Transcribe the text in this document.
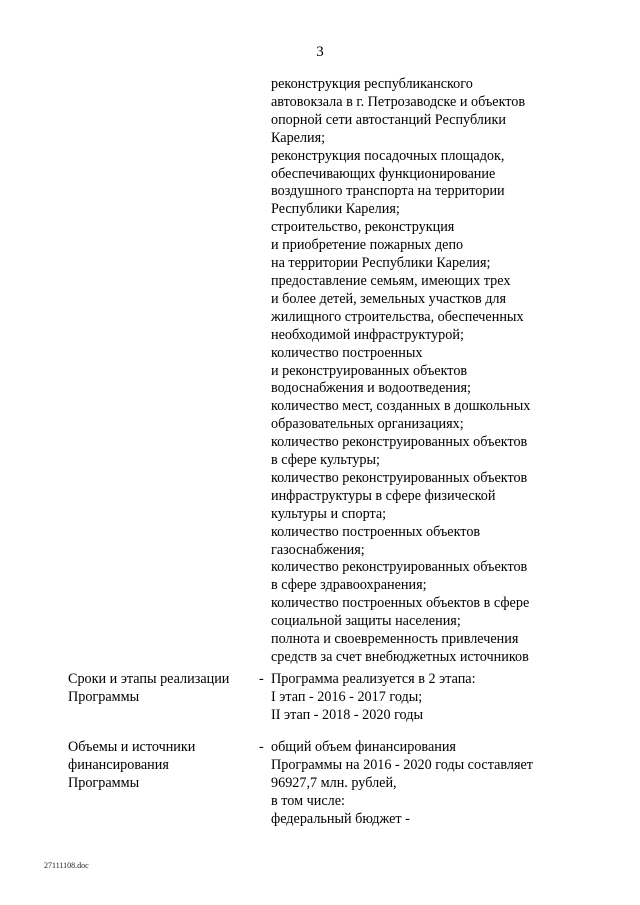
3
реконструкция республиканского
автовокзала в г. Петрозаводске и объектов
опорной сети автостанций Республики
Карелия;
реконструкция посадочных площадок,
обеспечивающих функционирование
воздушного транспорта на территории
Республики Карелия;
строительство, реконструкция
и приобретение пожарных депо
на территории Республики Карелия;
предоставление семьям, имеющих трех
и более детей, земельных участков для
жилищного строительства, обеспеченных
необходимой инфраструктурой;
количество построенных
и реконструированных объектов
водоснабжения и водоотведения;
количество мест, созданных в дошкольных
образовательных организациях;
количество реконструированных объектов
в сфере культуры;
количество реконструированных объектов
инфраструктуры в сфере физической
культуры и спорта;
количество построенных объектов
газоснабжения;
количество реконструированных объектов
в сфере здравоохранения;
количество построенных объектов в сфере
социальной защиты населения;
полнота и своевременность привлечения
средств за счет внебюджетных источников
Сроки и этапы реализации
Программы
- Программа реализуется в 2 этапа:
I этап - 2016 - 2017 годы;
II этап - 2018 - 2020 годы
Объемы и источники
финансирования
Программы
- общий объем финансирования
Программы на 2016 - 2020 годы составляет
96927,7 млн. рублей,
в том числе:
федеральный бюджет -
27111108.doc
